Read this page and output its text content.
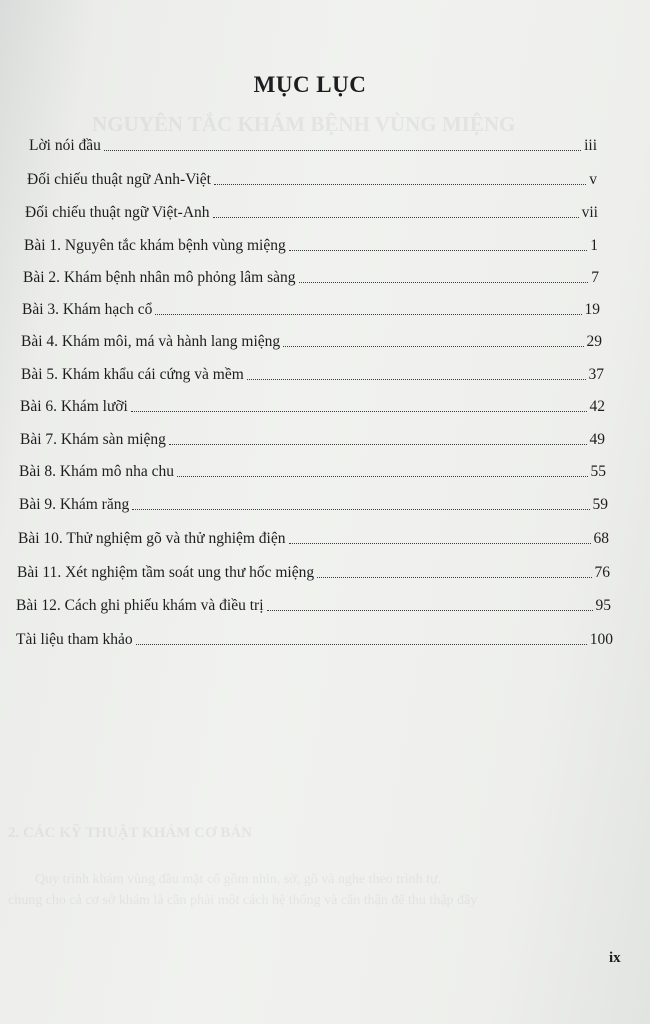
NGUYÊN TẮC KHÁM BỆNH VÙNG MIỆNG
2. CÁC KỸ THUẬT KHÁM CƠ BẢN
Quy trình khám vùng đầu mặt cổ gồm nhìn, sờ, gõ và nghe theo trình tự.
chung cho cả cơ sở khám là cần phải một cách hệ thống và cẩn thận để thu thập đầy
MỤC LỤC
Lời nói đầu	iii
Đối chiếu thuật ngữ Anh-Việt	v
Đối chiếu thuật ngữ Việt-Anh	vii
Bài 1. Nguyên tắc khám bệnh vùng miệng	1
Bài 2. Khám bệnh nhân mô phỏng lâm sàng	7
Bài 3. Khám hạch cổ	19
Bài 4. Khám môi, má và hành lang miệng	29
Bài 5. Khám khẩu cái cứng và mềm	37
Bài 6. Khám lưỡi	42
Bài 7. Khám sàn miệng	49
Bài 8. Khám mô nha chu	55
Bài 9. Khám răng	59
Bài 10. Thử nghiệm gõ và thử nghiệm điện	68
Bài 11. Xét nghiệm tầm soát ung thư hốc miệng	76
Bài 12. Cách ghi phiếu khám và điều trị	95
Tài liệu tham khảo	100
ix
